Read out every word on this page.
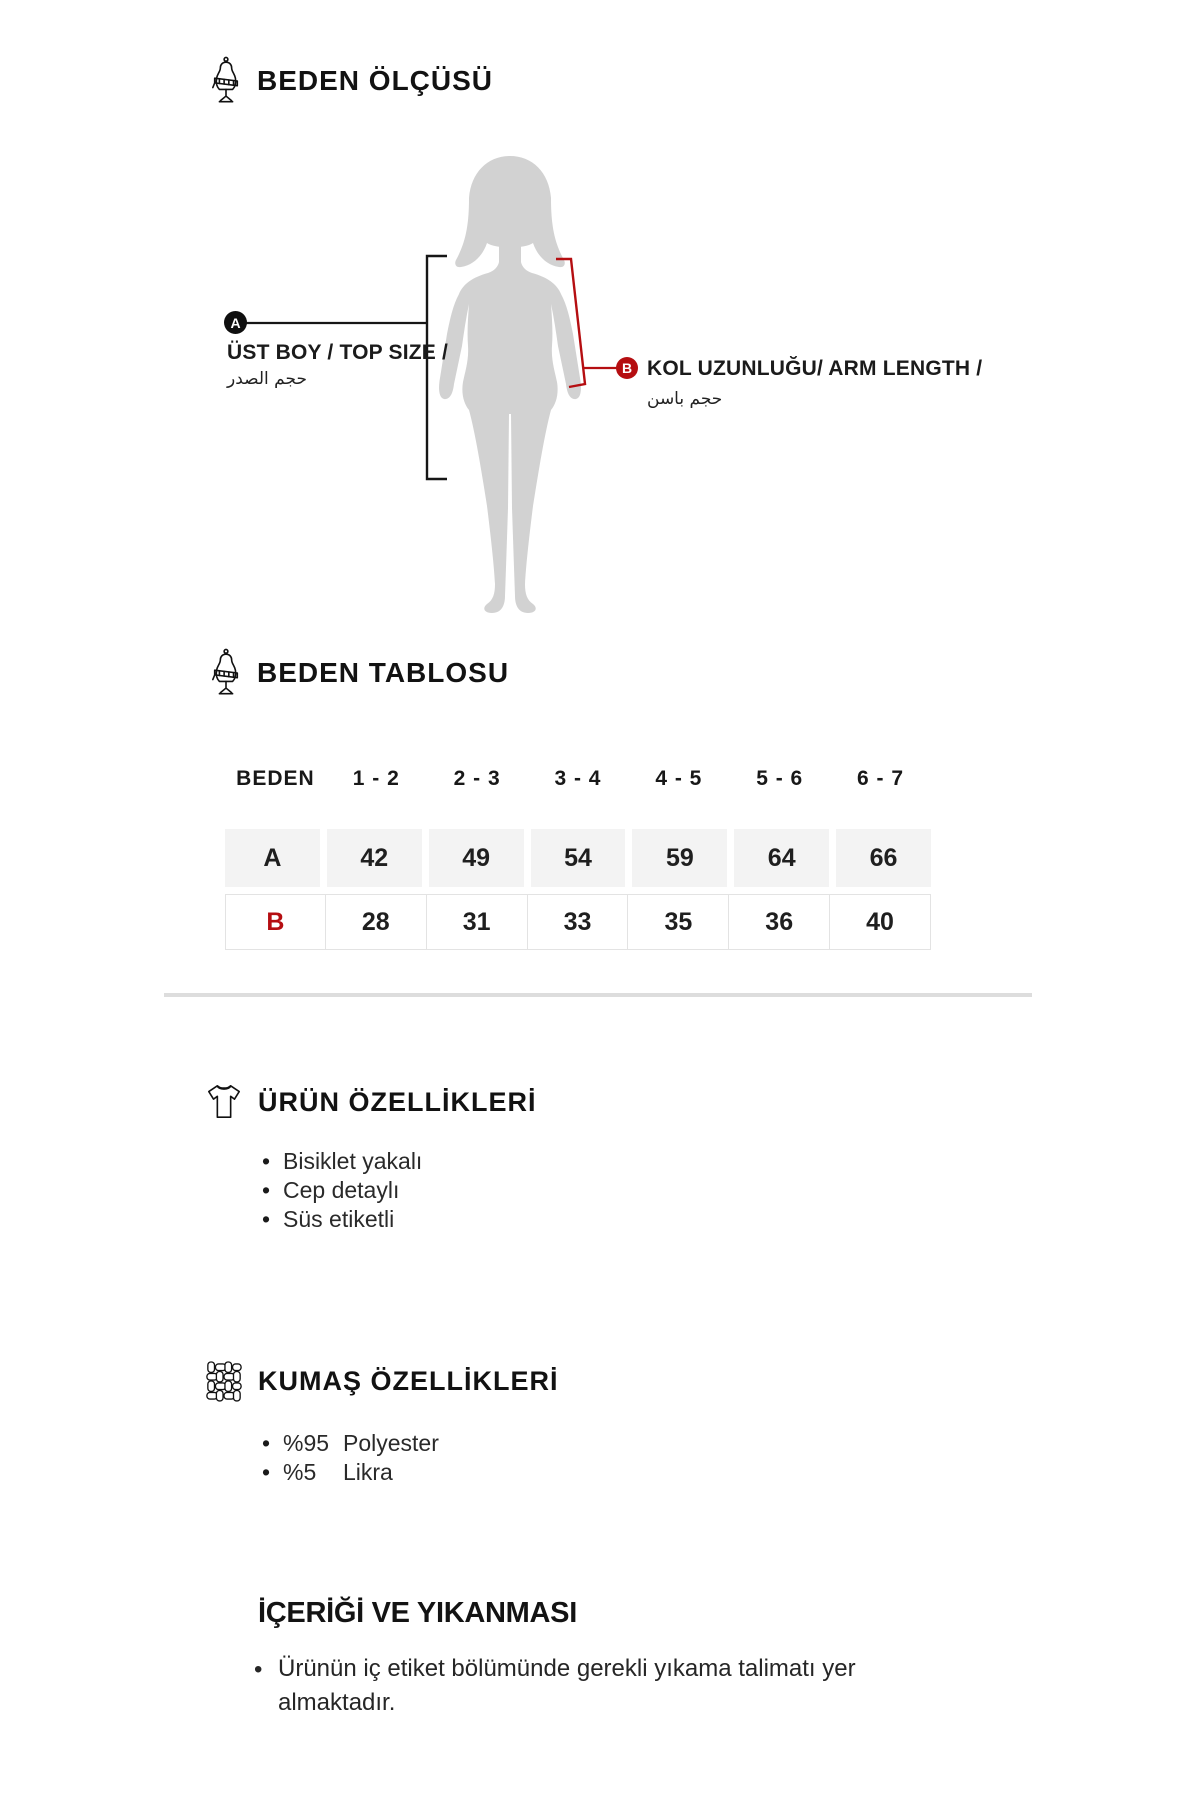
BEDEN ÖLÇÜSÜ
A
B
ÜST BOY / TOP SIZE /
حجم الصدر	KOL UZUNLUĞU/ ARM LENGTH /
حجم باسن
BEDEN TABLOSU
BEDEN	1 - 2	2 - 3	3 - 4	4 - 5	5 - 6	6 - 7
A	42	49	54	59	64	66
B	28	31	33	35	36	40
ÜRÜN ÖZELLİKLERİ
• Bisiklet yakalı
• Cep detaylı
• Süs etiketli
KUMAŞ ÖZELLİKLERİ
• %95 Polyester
• %5 Likra
İÇERİĞİ VE YIKANMASI
• Ürünün iç etiket bölümünde gerekli yıkama talimatı yer almaktadır.
